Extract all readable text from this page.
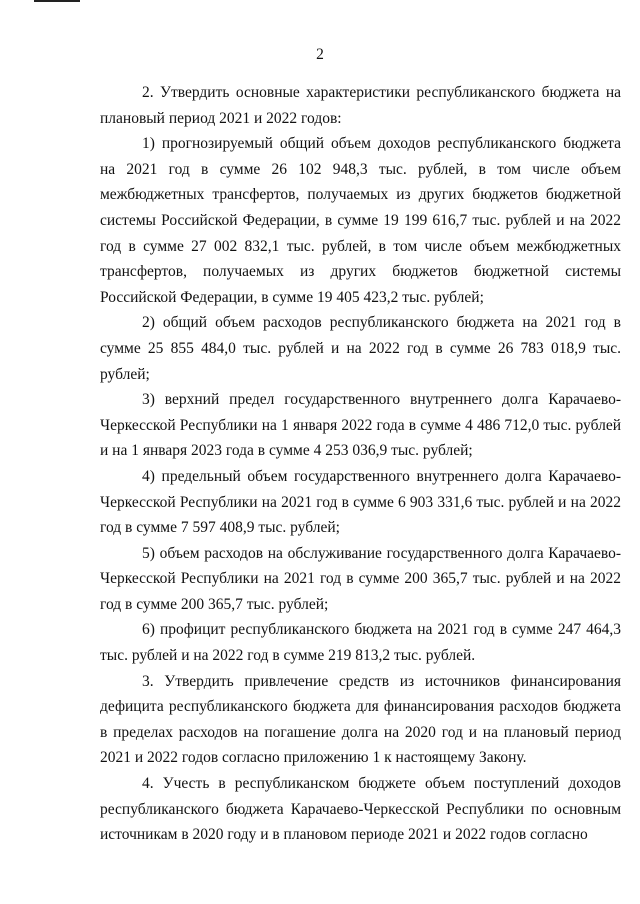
2

2. Утвердить основные характеристики республиканского бюджета на плановый период 2021 и 2022 годов:

1) прогнозируемый общий объем доходов республиканского бюджета на 2021 год в сумме 26 102 948,3 тыс. рублей, в том числе объем межбюджетных трансфертов, получаемых из других бюджетов бюджетной системы Российской Федерации, в сумме 19 199 616,7 тыс. рублей и на 2022 год в сумме 27 002 832,1 тыс. рублей, в том числе объем межбюджетных трансфертов, получаемых из других бюджетов бюджетной системы Российской Федерации, в сумме 19 405 423,2 тыс. рублей;

2) общий объем расходов республиканского бюджета на 2021 год в сумме 25 855 484,0 тыс. рублей и на 2022 год в сумме 26 783 018,9 тыс. рублей;

3) верхний предел государственного внутреннего долга Карачаево-Черкесской Республики на 1 января 2022 года в сумме 4 486 712,0 тыс. рублей и на 1 января 2023 года в сумме 4 253 036,9 тыс. рублей;

4) предельный объем государственного внутреннего долга Карачаево-Черкесской Республики на 2021 год в сумме 6 903 331,6 тыс. рублей и на 2022 год в сумме 7 597 408,9 тыс. рублей;

5) объем расходов на обслуживание государственного долга Карачаево-Черкесской Республики на 2021 год в сумме 200 365,7 тыс. рублей и на 2022 год в сумме 200 365,7 тыс. рублей;

6) профицит республиканского бюджета на 2021 год в сумме 247 464,3 тыс. рублей и на 2022 год в сумме 219 813,2 тыс. рублей.

3. Утвердить привлечение средств из источников финансирования дефицита республиканского бюджета для финансирования расходов бюджета в пределах расходов на погашение долга на 2020 год и на плановый период 2021 и 2022 годов согласно приложению 1 к настоящему Закону.

4. Учесть в республиканском бюджете объем поступлений доходов республиканского бюджета Карачаево-Черкесской Республики по основным источникам в 2020 году и в плановом периоде 2021 и 2022 годов согласно
